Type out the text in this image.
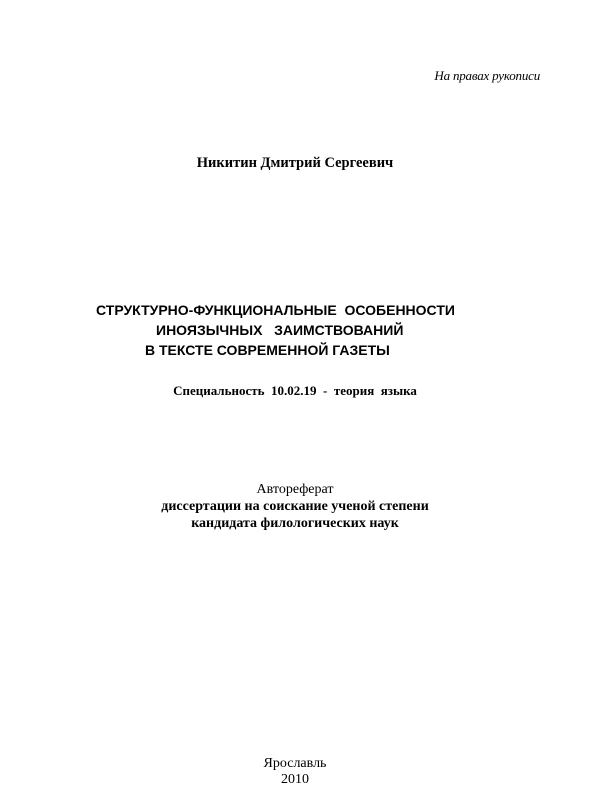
На правах рукописи
Никитин Дмитрий Сергеевич
СТРУКТУРНО-ФУНКЦИОНАЛЬНЫЕ  ОСОБЕННОСТИ
ИНОЯЗЫЧНЫХ   ЗАИМСТВОВАНИЙ
В ТЕКСТЕ СОВРЕМЕННОЙ ГАЗЕТЫ
Специальность  10.02.19  -  теория  языка
Автореферат
диссертации на соискание ученой степени
кандидата филологических наук
Ярославль
2010
